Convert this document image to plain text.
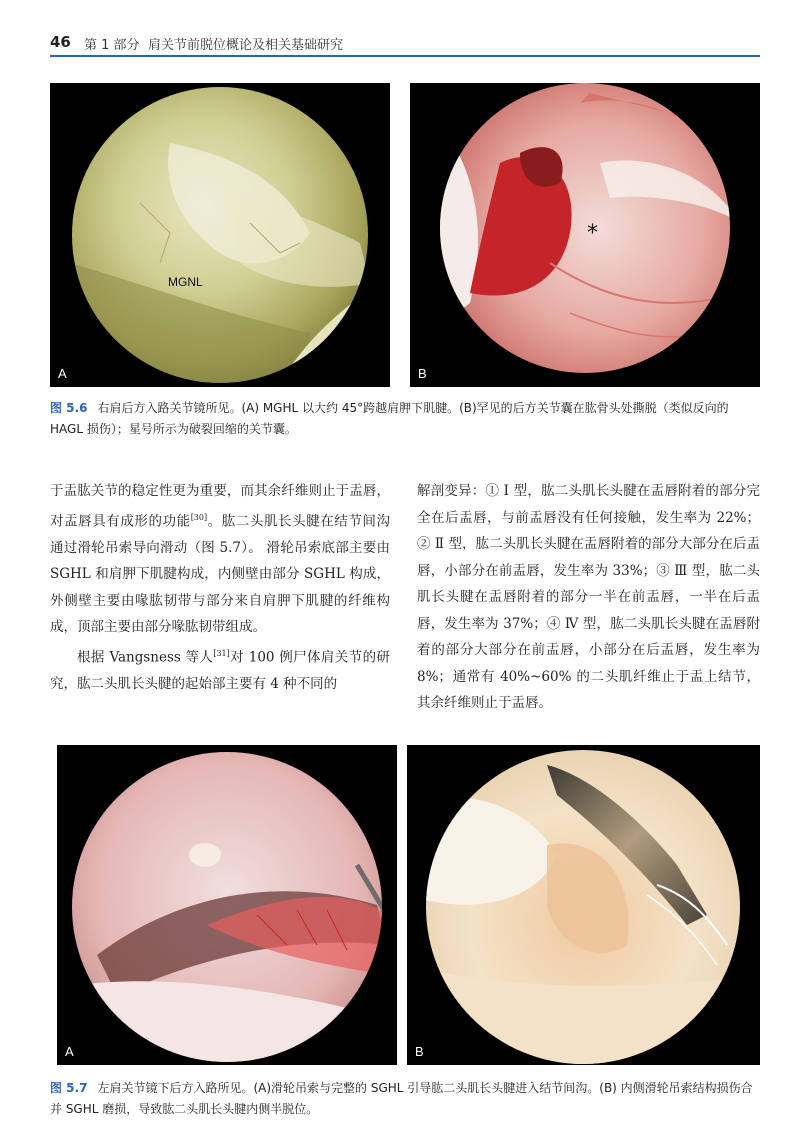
46 第 1 部分 肩关节前脱位概论及相关基础研究
MGNL
A
*
B
图 5.6 右肩后方入路关节镜所见。(A) MGHL 以大约 45°跨越肩胛下肌腱。(B)罕见的后方关节囊在肱骨头处撕脱（类似反向的 HAGL 损伤）；星号所示为破裂回缩的关节囊。

于盂肱关节的稳定性更为重要，而其余纤维则止于盂唇，对盂唇具有成形的功能[30]。肱二头肌长头腱在结节间沟通过滑轮吊索导向滑动（图 5.7）。 滑轮吊索底部主要由 SGHL 和肩胛下肌腱构成，内侧壁由部分 SGHL 构成，外侧壁主要由喙肱韧带与部分来自肩胛下肌腱的纤维构成，顶部主要由部分喙肱韧带组成。

根据 Vangsness 等人[31]对 100 例尸体肩关节的研究，肱二头肌长头腱的起始部主要有 4 种不同的

解剖变异：① Ⅰ 型，肱二头肌长头腱在盂唇附着的部分完全在后盂唇，与前盂唇没有任何接触，发生率为 22%；② Ⅱ 型，肱二头肌长头腱在盂唇附着的部分大部分在后盂唇，小部分在前盂唇，发生率为 33%；③ Ⅲ 型，肱二头肌长头腱在盂唇附着的部分一半在前盂唇，一半在后盂唇，发生率为 37%；④ Ⅳ 型，肱二头肌长头腱在盂唇附着的部分大部分在前盂唇，小部分在后盂唇，发生率为 8%；通常有 40%~60% 的二头肌纤维止于盂上结节，其余纤维则止于盂唇。

A	B
图 5.7 左肩关节镜下后方入路所见。(A)滑轮吊索与完整的 SGHL 引导肱二头肌长头腱进入结节间沟。(B) 内侧滑轮吊索结构损伤合并 SGHL 磨损，导致肱二头肌长头腱内侧半脱位。
